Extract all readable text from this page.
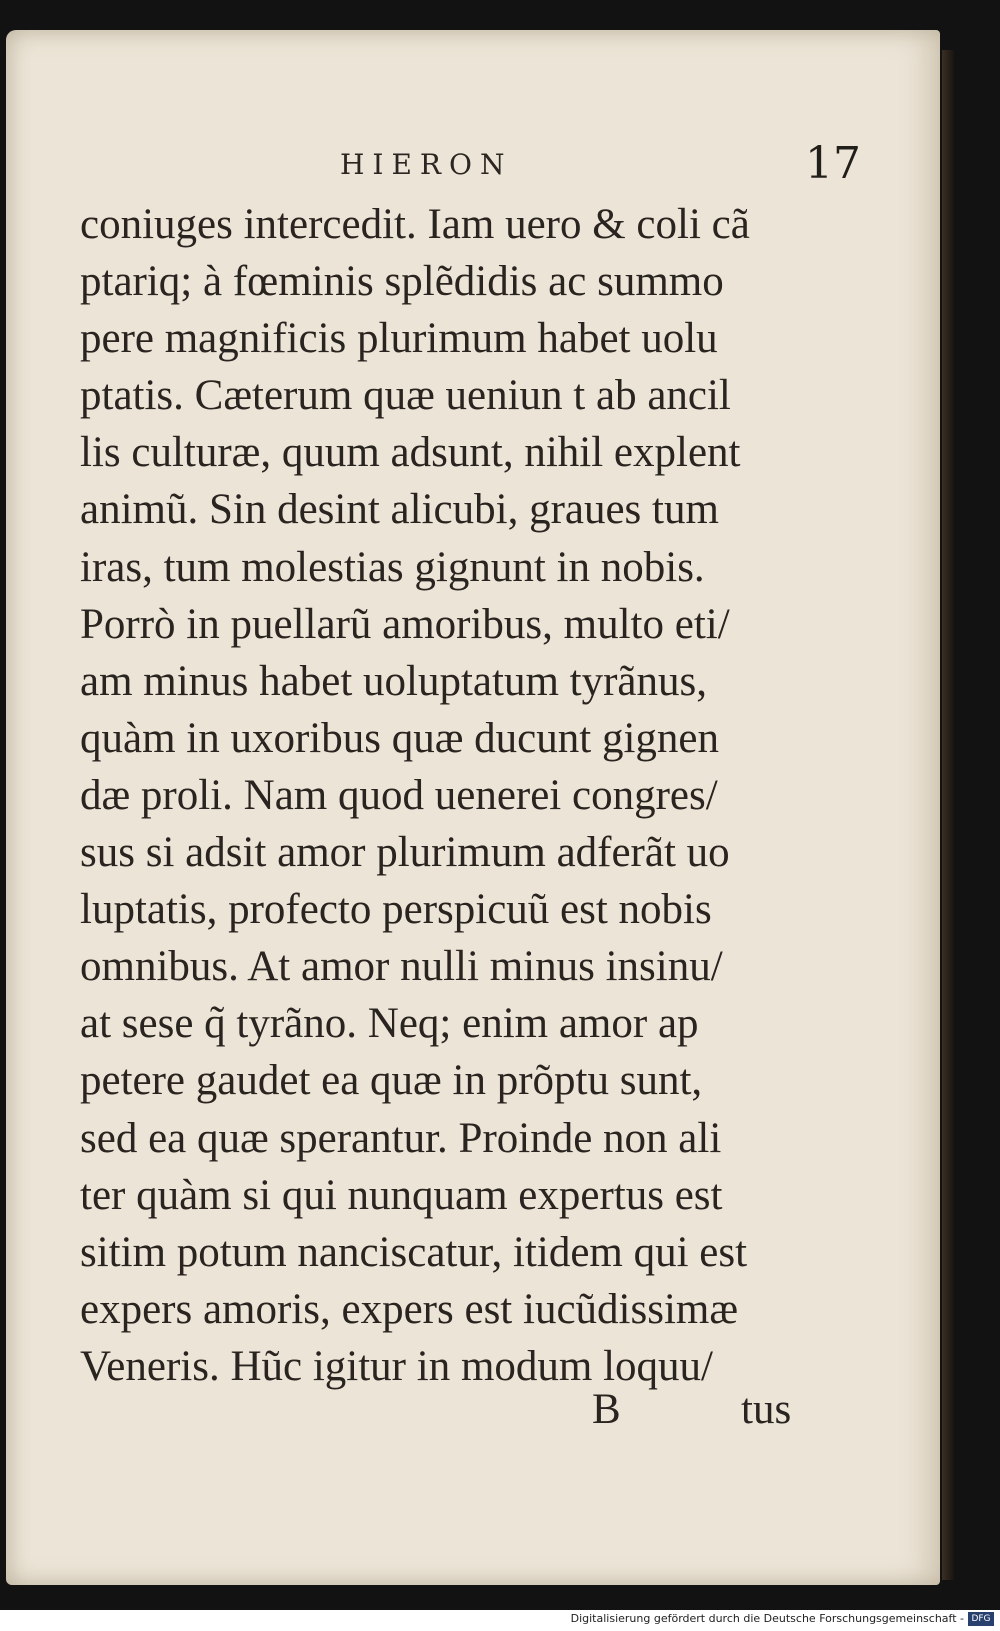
HIERON	17
coniuges intercedit. Iam uero & coli cã
ptariq; à fœminis splẽdidis ac summo
pere magnificis plurimum habet uolu
ptatis. Cæterum quæ ueniun t ab ancil
lis culturæ, quum adsunt, nihil explent
animũ. Sin desint alicubi, graues tum
iras, tum molestias gignunt in nobis.
Porrò in puellarũ amoribus, multo eti/
am minus habet uoluptatum tyrãnus,
quàm in uxoribus quæ ducunt gignen
dæ proli. Nam quod uenerei congres/
sus si adsit amor plurimum adferãt uo
luptatis, profecto perspicuũ est nobis
omnibus. At amor nulli minus insinu/
at sese q̃ tyrãno. Neq; enim amor ap
petere gaudet ea quæ in prõptu sunt,
sed ea quæ sperantur. Proinde non ali
ter quàm si qui nunquam expertus est
sitim potum nanciscatur, itidem qui est
expers amoris, expers est iucũdissimæ
Veneris. Hũc igitur in modum loquu/
B	tus
Digitalisierung gefördert durch die Deutsche Forschungsgemeinschaft - DFG
